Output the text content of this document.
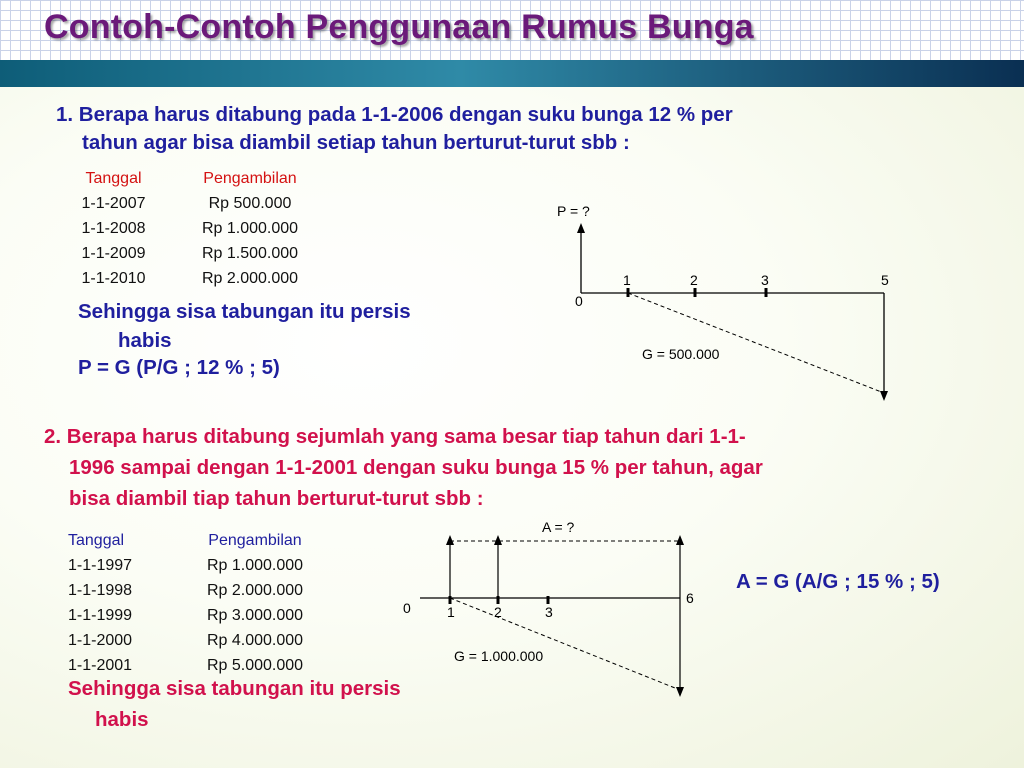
Contoh-Contoh Penggunaan Rumus Bunga

1. Berapa harus ditabung pada 1-1-2006 dengan suku bunga 12 % per
tahun agar bisa diambil setiap tahun berturut-turut sbb :

Tanggal	Pengambilan
1-1-2007	Rp 500.000
1-1-2008	Rp 1.000.000
1-1-2009	Rp 1.500.000
1-1-2010	Rp 2.000.000

Sehingga sisa tabungan itu persis
habis

P = G (P/G ; 12 % ; 5)

P = ?
0
1	2	3	5
G = 500.000

2. Berapa harus ditabung sejumlah yang sama besar tiap tahun dari 1-1-
1996 sampai dengan 1-1-2001 dengan suku bunga 15 % per tahun, agar
bisa diambil tiap tahun berturut-turut sbb :

Tanggal	Pengambilan
1-1-1997	Rp 1.000.000
1-1-1998	Rp 2.000.000
1-1-1999	Rp 3.000.000
1-1-2000	Rp 4.000.000
1-1-2001	Rp 5.000.000

A = G (A/G ; 15 % ; 5)

Sehingga sisa tabungan itu persis
habis

A = ?
0	1	2	3
6
G = 1.000.000
